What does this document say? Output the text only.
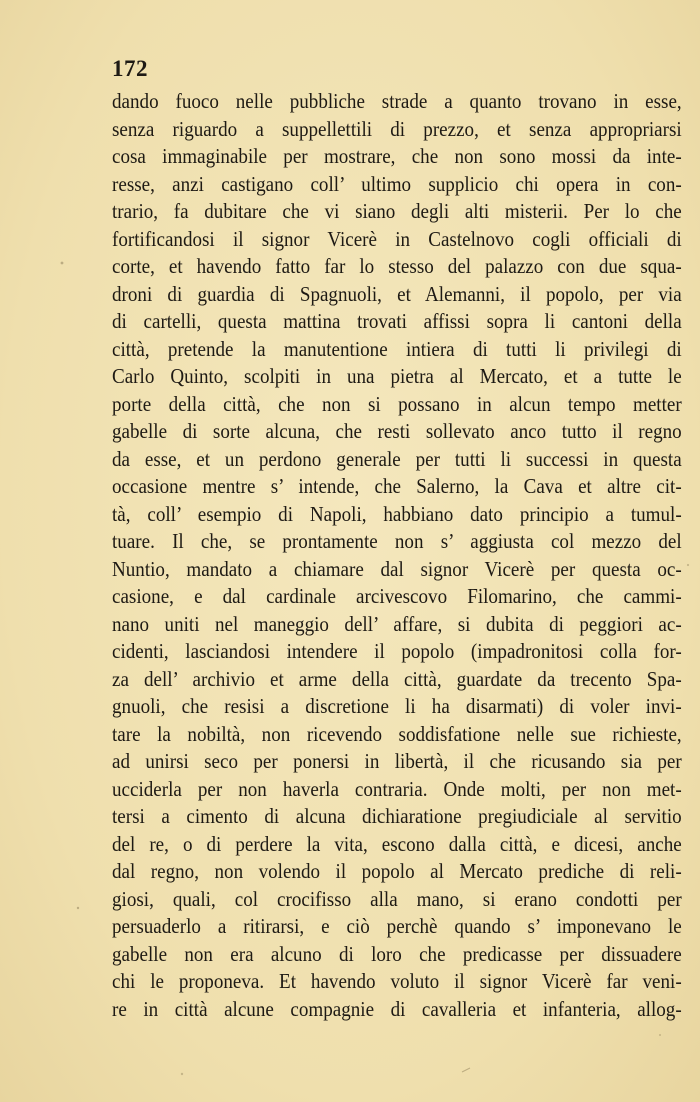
172
dando fuoco nelle pubbliche strade a quanto trovano in esse,
senza riguardo a suppellettili di prezzo, et senza appropriarsi
cosa immaginabile per mostrare, che non sono mossi da inte-
resse, anzi castigano coll’ ultimo supplicio chi opera in con-
trario, fa dubitare che vi siano degli alti misterii. Per lo che
fortificandosi il signor Vicerè in Castelnovo cogli officiali di
corte, et havendo fatto far lo stesso del palazzo con due squa-
droni di guardia di Spagnuoli, et Alemanni, il popolo, per via
di cartelli, questa mattina trovati affissi sopra li cantoni della
città, pretende la manutentione intiera di tutti li privilegi di
Carlo Quinto, scolpiti in una pietra al Mercato, et a tutte le
porte della città, che non si possano in alcun tempo metter
gabelle di sorte alcuna, che resti sollevato anco tutto il regno
da esse, et un perdono generale per tutti li successi in questa
occasione mentre s’ intende, che Salerno, la Cava et altre cit-
tà, coll’ esempio di Napoli, habbiano dato principio a tumul-
tuare. Il che, se prontamente non s’ aggiusta col mezzo del
Nuntio, mandato a chiamare dal signor Vicerè per questa oc-
casione, e dal cardinale arcivescovo Filomarino, che cammi-
nano uniti nel maneggio dell’ affare, si dubita di peggiori ac-
cidenti, lasciandosi intendere il popolo (impadronitosi colla for-
za dell’ archivio et arme della città, guardate da trecento Spa-
gnuoli, che resisi a discretione li ha disarmati) di voler invi-
tare la nobiltà, non ricevendo soddisfatione nelle sue richieste,
ad unirsi seco per ponersi in libertà, il che ricusando sia per
ucciderla per non haverla contraria. Onde molti, per non met-
tersi a cimento di alcuna dichiaratione pregiudiciale al servitio
del re, o di perdere la vita, escono dalla città, e dicesi, anche
dal regno, non volendo il popolo al Mercato prediche di reli-
giosi, quali, col crocifisso alla mano, si erano condotti per
persuaderlo a ritirarsi, e ciò perchè quando s’ imponevano le
gabelle non era alcuno di loro che predicasse per dissuadere
chi le proponeva. Et havendo voluto il signor Vicerè far veni-
re in città alcune compagnie di cavalleria et infanteria, allog-
